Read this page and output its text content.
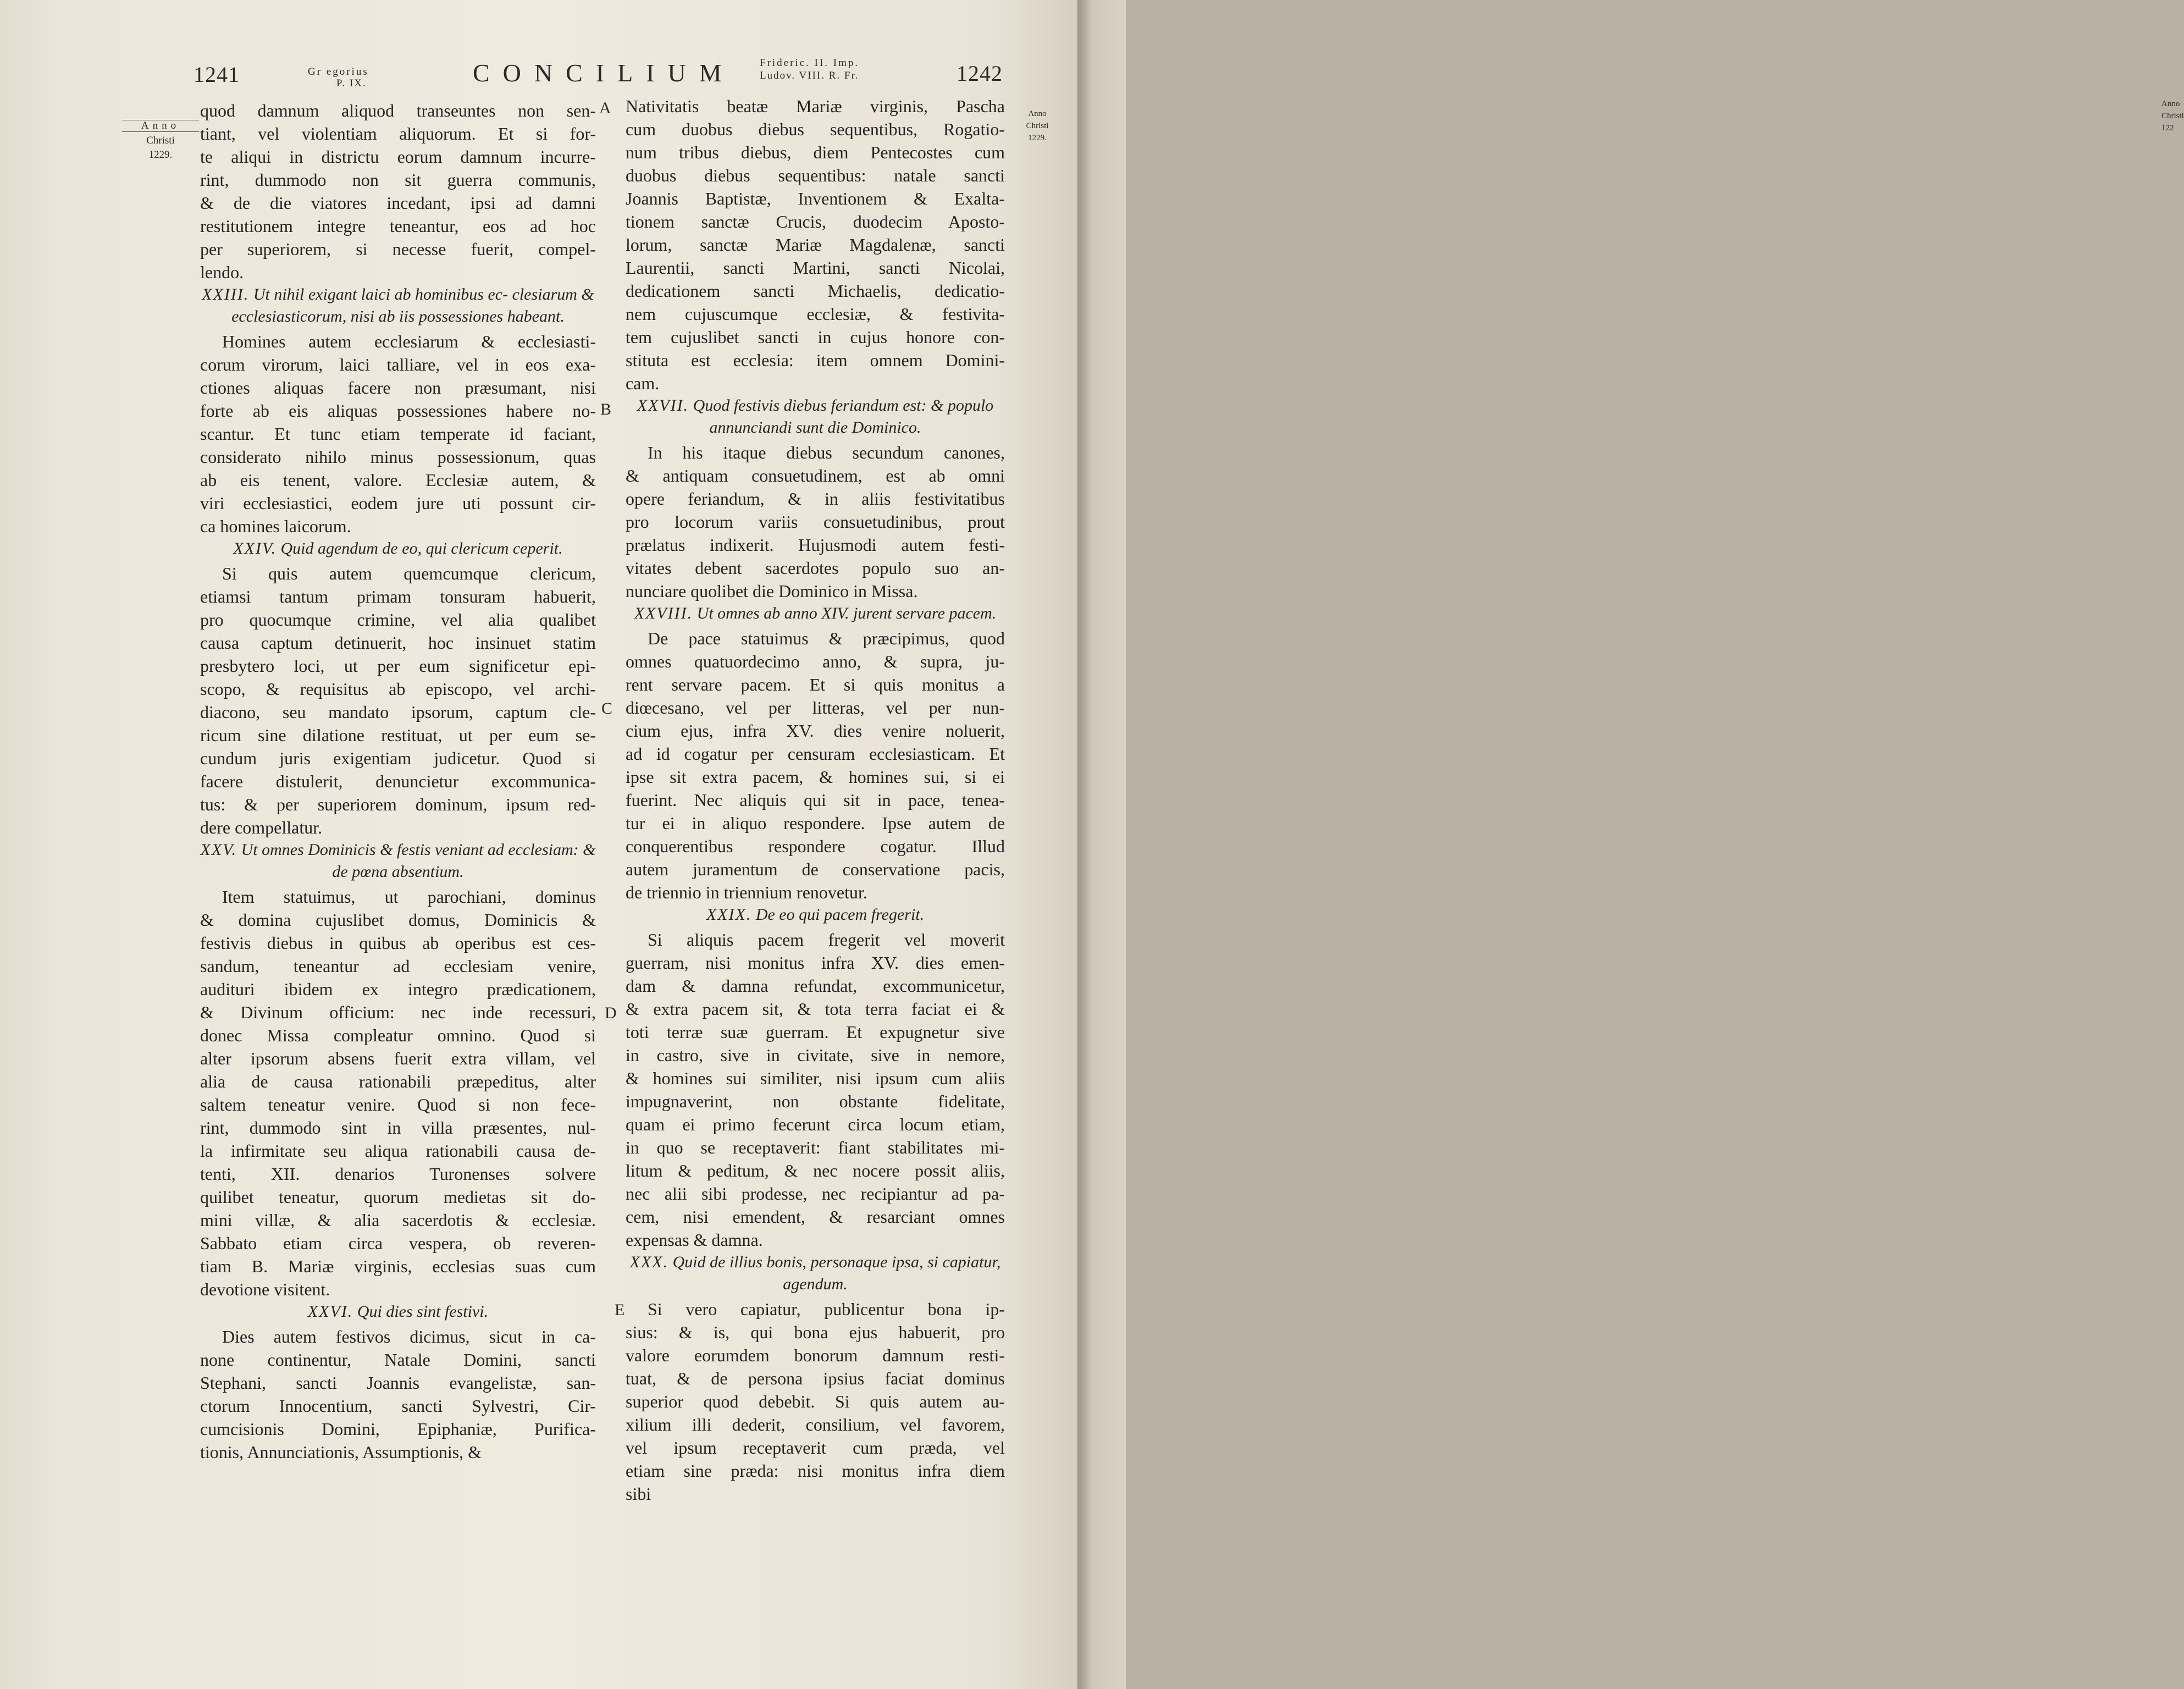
1241	Gr egorius
P. IX.	CONCILIUM Frideric. II. Imp.
Ludov. VIII. R. Fr.	1242
Anno
Christi
1229.
Anno
Christi
1229.
A
B
C
D
E

quod damnum aliquod transeuntes non sen-
tiant, vel violentiam aliquorum. Et si for-
te aliqui in districtu eorum damnum incurre-
rint, dummodo non sit guerra communis,
& de die viatores incedant, ipsi ad damni
restitutionem integre teneantur, eos ad hoc
per superiorem, si necesse fuerit, compel-
lendo.

XXIII. Ut nihil exigant laici ab hominibus ec- clesiarum & ecclesiasticorum, nisi ab iis possessiones habeant.

Homines autem ecclesiarum & ecclesiasti-
corum virorum, laici talliare, vel in eos exa-
ctiones aliquas facere non præsumant, nisi
forte ab eis aliquas possessiones habere no-
scantur. Et tunc etiam temperate id faciant,
considerato nihilo minus possessionum, quas
ab eis tenent, valore. Ecclesiæ autem, &
viri ecclesiastici, eodem jure uti possunt cir-
ca homines laicorum.

XXIV. Quid agendum de eo, qui clericum ceperit.

Si quis autem quemcumque clericum,
etiamsi tantum primam tonsuram habuerit,
pro quocumque crimine, vel alia qualibet
causa captum detinuerit, hoc insinuet statim
presbytero loci, ut per eum significetur epi-
scopo, & requisitus ab episcopo, vel archi-
diacono, seu mandato ipsorum, captum cle-
ricum sine dilatione restituat, ut per eum se-
cundum juris exigentiam judicetur. Quod si
facere distulerit, denuncietur excommunica-
tus: & per superiorem dominum, ipsum red-
dere compellatur.

XXV. Ut omnes Dominicis & festis veniant ad ecclesiam: & de pœna absentium.

Item statuimus, ut parochiani, dominus
& domina cujuslibet domus, Dominicis &
festivis diebus in quibus ab operibus est ces-
sandum, teneantur ad ecclesiam venire,
audituri ibidem ex integro prædicationem,
& Divinum officium: nec inde recessuri,
donec Missa compleatur omnino. Quod si
alter ipsorum absens fuerit extra villam, vel
alia de causa rationabili præpeditus, alter
saltem teneatur venire. Quod si non fece-
rint, dummodo sint in villa præsentes, nul-
la infirmitate seu aliqua rationabili causa de-
tenti, XII. denarios Turonenses solvere
quilibet teneatur, quorum medietas sit do-
mini villæ, & alia sacerdotis & ecclesiæ.
Sabbato etiam circa vespera, ob reveren-
tiam B. Mariæ virginis, ecclesias suas cum
devotione visitent.

XXVI. Qui dies sint festivi.

Dies autem festivos dicimus, sicut in ca-
none continentur, Natale Domini, sancti
Stephani, sancti Joannis evangelistæ, san-
ctorum Innocentium, sancti Sylvestri, Cir-
cumcisionis Domini, Epiphaniæ, Purifica-
tionis, Annunciationis, Assumptionis, &

Nativitatis beatæ Mariæ virginis, Pascha
cum duobus diebus sequentibus, Rogatio-
num tribus diebus, diem Pentecostes cum
duobus diebus sequentibus: natale sancti
Joannis Baptistæ, Inventionem & Exalta-
tionem sanctæ Crucis, duodecim Aposto-
lorum, sanctæ Mariæ Magdalenæ, sancti
Laurentii, sancti Martini, sancti Nicolai,
dedicationem sancti Michaelis, dedicatio-
nem cujuscumque ecclesiæ, & festivita-
tem cujuslibet sancti in cujus honore con-
stituta est ecclesia: item omnem Domini-
cam.

XXVII. Quod festivis diebus feriandum est: & populo annunciandi sunt die Dominico.

In his itaque diebus secundum canones,
& antiquam consuetudinem, est ab omni
opere feriandum, & in aliis festivitatibus
pro locorum variis consuetudinibus, prout
prælatus indixerit. Hujusmodi autem festi-
vitates debent sacerdotes populo suo an-
nunciare quolibet die Dominico in Missa.

XXVIII. Ut omnes ab anno XIV. jurent servare pacem.

De pace statuimus & præcipimus, quod
omnes quatuordecimo anno, & supra, ju-
rent servare pacem. Et si quis monitus a
diœcesano, vel per litteras, vel per nun-
cium ejus, infra XV. dies venire noluerit,
ad id cogatur per censuram ecclesiasticam. Et
ipse sit extra pacem, & homines sui, si ei
fuerint. Nec aliquis qui sit in pace, tenea-
tur ei in aliquo respondere. Ipse autem de
conquerentibus respondere cogatur. Illud
autem juramentum de conservatione pacis,
de triennio in triennium renovetur.

XXIX. De eo qui pacem fregerit.

Si aliquis pacem fregerit vel moverit
guerram, nisi monitus infra XV. dies emen-
dam & damna refundat, excommunicetur,
& extra pacem sit, & tota terra faciat ei &
toti terræ suæ guerram. Et expugnetur sive
in castro, sive in civitate, sive in nemore,
& homines sui similiter, nisi ipsum cum aliis
impugnaverint, non obstante fidelitate,
quam ei primo fecerunt circa locum etiam,
in quo se receptaverit: fiant stabilitates mi-
litum & peditum, & nec nocere possit aliis,
nec alii sibi prodesse, nec recipiantur ad pa-
cem, nisi emendent, & resarciant omnes
expensas & damna.

XXX. Quid de illius bonis, personaque ipsa, si capiatur, agendum.

Si vero capiatur, publicentur bona ip-
sius: & is, qui bona ejus habuerit, pro
valore eorumdem bonorum damnum resti-
tuat, & de persona ipsius faciat dominus
superior quod debebit. Si quis autem au-
xilium illi dederit, consilium, vel favorem,
vel ipsum receptaverit cum præda, vel
etiam sine præda: nisi monitus infra diem
sibi

Anno
Christi
122
